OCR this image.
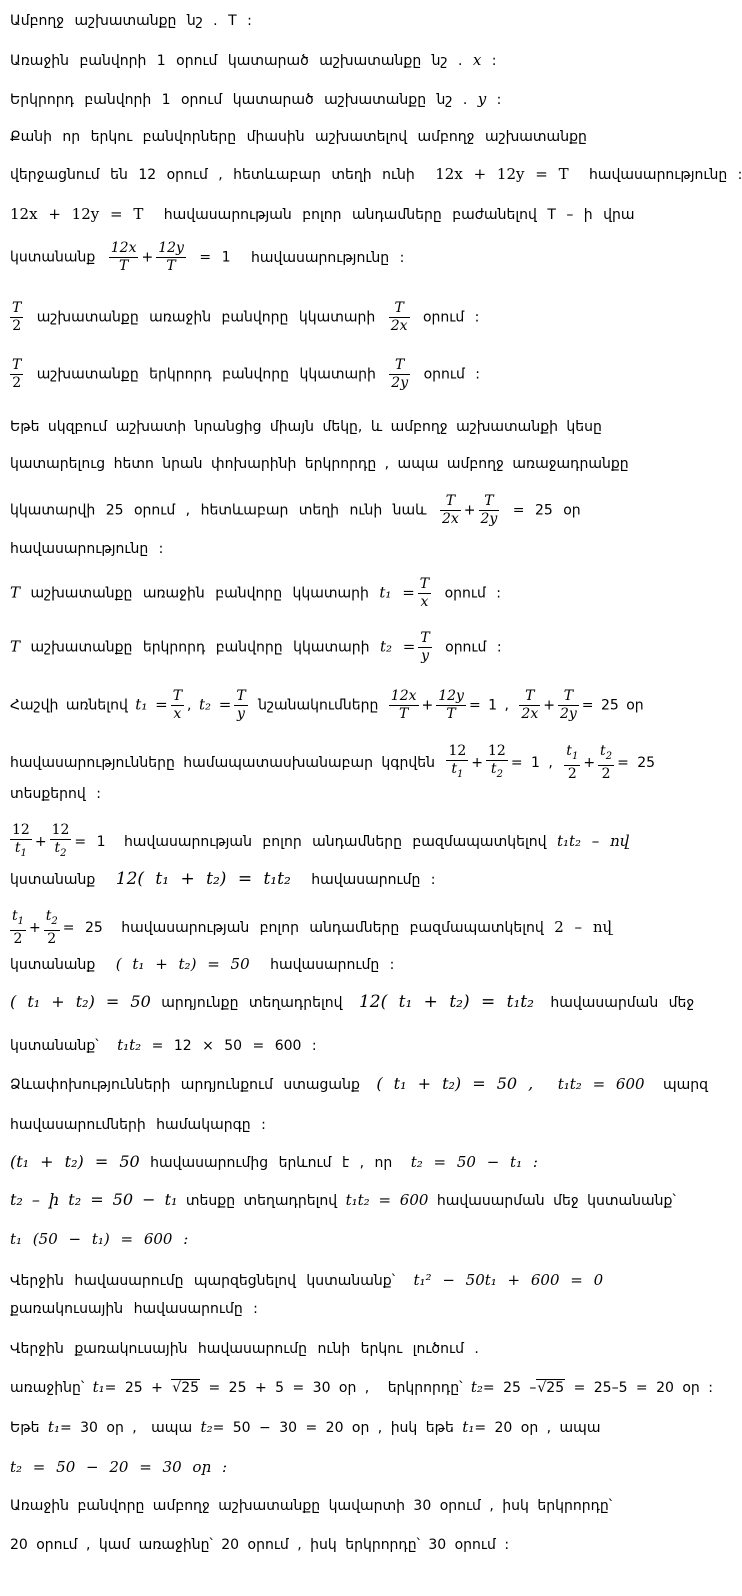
Ամբողջ աշխատանքը նշ . T :
Առաջին բանվորի 1 օրում կատարած աշխատանքը նշ . x :
Երկրորդ բանվորի 1 օրում կատարած աշխատանքը նշ . y :
Քանի որ երկու բանվորները միասին աշխատելով ամբողջ աշխատանքը
վերջացնում են 12 օրում , հետևաբար տեղի ունի 12x + 12y = T հավասարությունը :
12x + 12y = T հավասարության բոլոր անդամները բաժանելով T – ի վրա
կստանանք $\frac{12x}{T} + \frac{12y}{T} = 1$ հավասարությունը :
$\frac{T}{2}$ աշխատանքը առաջին բանվորը կկատարի $\frac{T}{2x}$ օրում :
$\frac{T}{2}$ աշխատանքը երկրորդ բանվորը կկատարի $\frac{T}{2y}$ օրում :
Եթե սկզբում աշխատի նրանցից միայն մեկը, և ամբողջ աշխատանքի կեսը
կատարելուց հետո նրան փոխարինի երկրորդը , ապա ամբողջ առաջադրանքը
կկատարվի 25 օրում , հետևաբար տեղի ունի նաև $\frac{T}{2x} + \frac{T}{2y} = 25$ օր
հավասարությունը :
T աշխատանքը առաջին բանվորը կկատարի $t_1 = \frac{T}{x}$ օրում :
T աշխատանքը երկրորդ բանվորը կկատարի $t_2 = \frac{T}{y}$ օրում :
Հաշվի առնելով $t_1 = \frac{T}{x}$ , $t_2 = \frac{T}{y}$ նշանակումները $\frac{12x}{T} + \frac{12y}{T} = 1$ , $\frac{T}{2x} + \frac{T}{2y} = 25$ օր
հավասարությունները համապատասխանաբար կգրվեն $\frac{12}{t_1} + \frac{12}{t_2} = 1$ , $\frac{t_1}{2} + \frac{t_2}{2} = 25$
տեսքերով :
$\frac{12}{t_1} + \frac{12}{t_2} = 1$ հավասարության բոլոր անդամները բազմապատկելով t₁t₂ – ով
կստանանք 12( t₁ + t₂) = t₁t₂ հավասարումը :
$\frac{t_1}{2} + \frac{t_2}{2} = 25$ հավասարության բոլոր անդամները բազմապատկելով 2 – ով
կստանանք ( t₁ + t₂) = 50 հավասարումը :
( t₁ + t₂) = 50 արդյունքը տեղադրելով 12( t₁ + t₂) = t₁t₂ հավասարման մեջ
կստանանք՝ t₁t₂ = 12 × 50 = 600 :
Ձևափոխությունների արդյունքում ստացանք ( t₁ + t₂) = 50 , t₁t₂ = 600 պարզ
հավասարումների համակարգը :
(t₁ + t₂) = 50 հավասարումից երևում է , որ t₂ = 50 − t₁ :
t₂ – ի t₂ = 50 − t₁ տեսքը տեղադրելով t₁t₂ = 600 հավասարման մեջ կստանանք՝
t₁ (50 − t₁) = 600 :
Վերջին հավասարումը պարզեցնելով կստանանք՝ t₁² − 50t₁ + 600 = 0
քառակուսային հավասարումը :
Վերջին քառակուսային հավասարումը ունի երկու լուծում .
առաջինը՝ t₁= 25 + √25 = 25 + 5 = 30 օր , երկրորդը՝ t₂= 25 –√25 = 25–5 = 20 օր :
Եթե t₁= 30 օր , ապա t₂= 50 − 30 = 20 օր , իսկ եթե t₁= 20 օր , ապա
t₂ = 50 − 20 = 30 օր :
Առաջին բանվորը ամբողջ աշխատանքը կավարտի 30 օրում , իսկ երկրորդը՝
20 օրում , կամ առաջինը՝ 20 օրում , իսկ երկրորդը՝ 30 օրում :
